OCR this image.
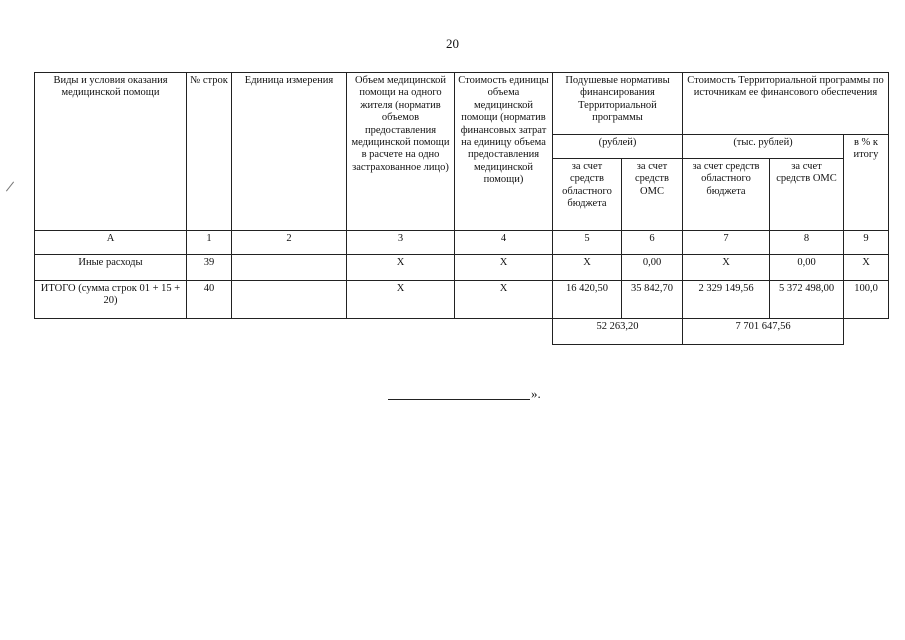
20
Виды и условия оказания медицинской помощи	№ строк	Единица измерения	Объем медицинской помощи на одного жителя (норматив объемов предоставления медицинской помощи в расчете на одно застрахованное лицо)	Стоимость единицы объема медицинской помощи (норматив финансовых затрат на единицу объема предоставления медицинской помощи)	Подушевые нормативы финансирования Территориальной программы		Стоимость Территориальной программы по источникам ее финансового обеспечения		
					(рублей)		(тыс. рублей)		в % к итогу
					за счет средств областного бюджета	за счет средств ОМС	за счет средств областного бюджета	за счет средств ОМС	
А	1	2	3	4	5	6	7	8	9
Иные расходы	39		Х	Х	Х	0,00	Х	0,00	Х
ИТОГО (сумма строк 01 + 15 + 20)	40		Х	Х	16 420,50	35 842,70	2 329 149,56	5 372 498,00	100,0
					52 263,20		7 701 647,56		
».
